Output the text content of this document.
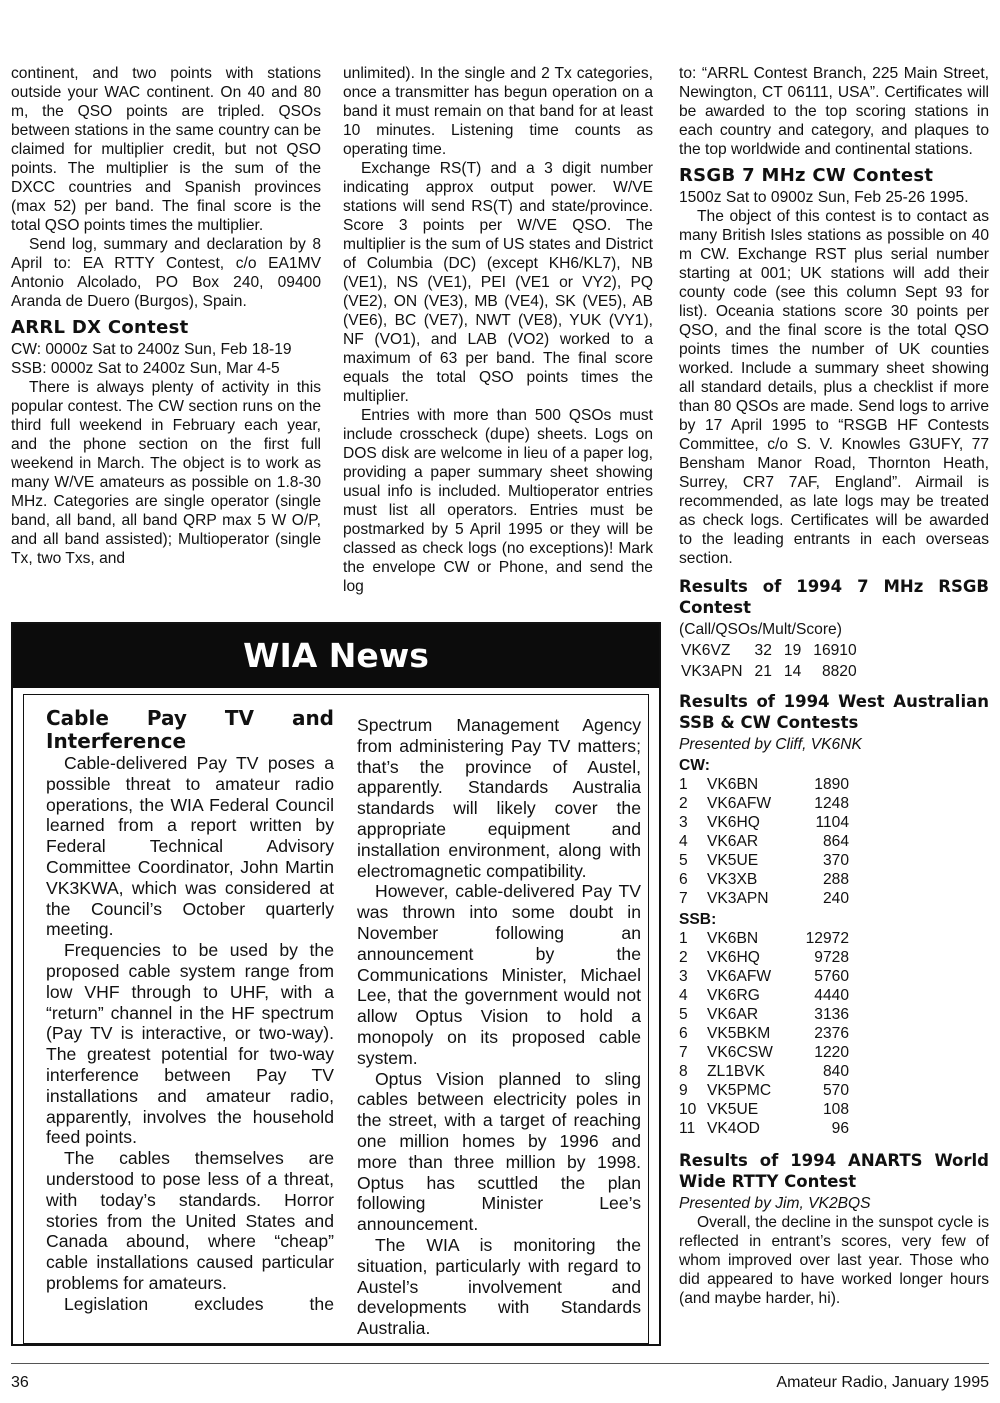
continent, and two points with stations outside your WAC continent. On 40 and 80 m, the QSO points are tripled. QSOs between stations in the same country can be claimed for multiplier credit, but not QSO points. The multiplier is the sum of the DXCC countries and Spanish provinces (max 52) per band. The final score is the total QSO points times the multiplier.

Send log, summary and declaration by 8 April to: EA RTTY Contest, c/o EA1MV Antonio Alcolado, PO Box 240, 09400 Aranda de Duero (Burgos), Spain.

ARRL DX Contest

CW: 0000z Sat to 2400z Sun, Feb 18-19

SSB: 0000z Sat to 2400z Sun, Mar 4-5

There is always plenty of activity in this popular contest. The CW section runs on the third full weekend in February each year, and the phone section on the first full weekend in March. The object is to work as many W/VE amateurs as possible on 1.8-30 MHz. Categories are single operator (single band, all band, all band QRP max 5 W O/P, and all band assisted); Multioperator (single Tx, two Txs, and

unlimited). In the single and 2 Tx categories, once a transmitter has begun operation on a band it must remain on that band for at least 10 minutes. Listening time counts as operating time.

Exchange RS(T) and a 3 digit number indicating approx output power. W/VE stations will send RS(T) and state/province. Score 3 points per W/VE QSO. The multiplier is the sum of US states and District of Columbia (DC) (except KH6/KL7), NB (VE1), NS (VE1), PEI (VE1 or VY2), PQ (VE2), ON (VE3), MB (VE4), SK (VE5), AB (VE6), BC (VE7), NWT (VE8), YUK (VY1), NF (VO1), and LAB (VO2) worked to a maximum of 63 per band. The final score equals the total QSO points times the multiplier.

Entries with more than 500 QSOs must include crosscheck (dupe) sheets. Logs on DOS disk are welcome in lieu of a paper log, providing a paper summary sheet showing usual info is included. Multioperator entries must list all operators. Entries must be postmarked by 5 April 1995 or they will be classed as check logs (no exceptions)! Mark the envelope CW or Phone, and send the log

to: “ARRL Contest Branch, 225 Main Street, Newington, CT 06111, USA”. Certificates will be awarded to the top scoring stations in each country and category, and plaques to the top worldwide and continental stations.

RSGB 7 MHz CW Contest

1500z Sat to 0900z Sun, Feb 25-26 1995.

The object of this contest is to contact as many British Isles stations as possible on 40 m CW. Exchange RST plus serial number starting at 001; UK stations will add their county code (see this column Sept 93 for list). Oceania stations score 30 points per QSO, and the final score is the total QSO points times the number of UK counties worked. Include a summary sheet showing all standard details, plus a checklist if more than 80 QSOs are made. Send logs to arrive by 17 April 1995 to “RSGB HF Contests Committee, c/o S. V. Knowles G3UFY, 77 Bensham Manor Road, Thornton Heath, Surrey, CR7 7AF, England”. Airmail is recommended, as late logs may be treated as check logs. Certificates will be awarded to the leading entrants in each overseas section.

Results of 1994 7 MHz RSGB Contest

(Call/QSOs/Mult/Score)

VK6VZ	32	19	16910
VK3APN	21	14	8820
Results of 1994 West Australian SSB & CW Contests

Presented by Cliff, VK6NK

CW:

1	VK6BN	1890
2	VK6AFW	1248
3	VK6HQ	1104
4	VK6AR	864
5	VK5UE	370
6	VK3XB	288
7	VK3APN	240

SSB:

1	VK6BN	12972
2	VK6HQ	9728
3	VK6AFW	5760
4	VK6RG	4440
5	VK6AR	3136
6	VK5BKM	2376
7	VK6CSW	1220
8	ZL1BVK	840
9	VK5PMC	570
10	VK5UE	108
11	VK4OD	96
Results of 1994 ANARTS World Wide RTTY Contest

Presented by Jim, VK2BQS

Overall, the decline in the sunspot cycle is reflected in entrant’s scores, very few of whom improved over last year. Those who did appeared to have worked longer hours (and maybe harder, hi).

WIA News
Cable Pay TV and Interference

Cable-delivered Pay TV poses a possible threat to amateur radio operations, the WIA Federal Council learned from a report written by Federal Technical Advisory Committee Coordinator, John Martin VK3KWA, which was considered at the Council’s October quarterly meeting.

Frequencies to be used by the proposed cable system range from low VHF through to UHF, with a “return” channel in the HF spectrum (Pay TV is interactive, or two-way). The greatest potential for two-way interference between Pay TV installations and amateur radio, apparently, involves the household feed points.

The cables themselves are understood to pose less of a threat, with today’s standards. Horror stories from the United States and Canada abound, where “cheap” cable installations caused particular problems for amateurs.

Legislation excludes the

Spectrum Management Agency from administering Pay TV matters; that’s the province of Austel, apparently. Standards Australia standards will likely cover the appropriate equipment and installation environment, along with electromagnetic compatibility.

However, cable-delivered Pay TV was thrown into some doubt in November following an announcement by the Communications Minister, Michael Lee, that the government would not allow Optus Vision to hold a monopoly on its proposed cable system.

Optus Vision planned to sling cables between electricity poles in the street, with a target of reaching one million homes by 1996 and more than three million by 1998. Optus has scuttled the plan following Minister Lee’s announcement.

The WIA is monitoring the situation, particularly with regard to Austel’s involvement and developments with Standards Australia.

36	Amateur Radio, January 1995
